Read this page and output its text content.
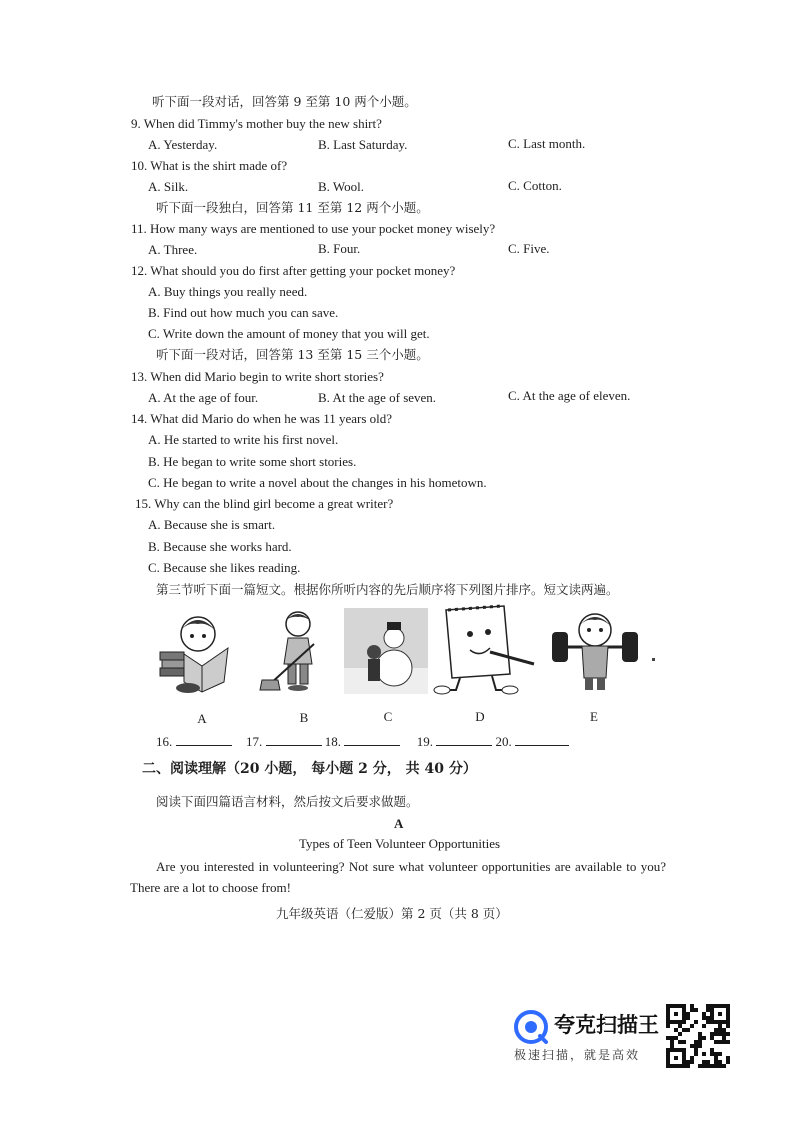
听下面一段对话，回答第 9 至第 10 两个小题。
9. When did Timmy's mother buy the new shirt?
A. Yesterday.	B. Last Saturday.	C. Last month.
10. What is the shirt made of?
A. Silk.	B. Wool.	C. Cotton.
听下面一段独白，回答第 11 至第 12 两个小题。
11. How many ways are mentioned to use your pocket money wisely?
A. Three.	B. Four.	C. Five.
12. What should you do first after getting your pocket money?
A. Buy things you really need.
B. Find out how much you can save.
C. Write down the amount of money that you will get.
听下面一段对话，回答第 13 至第 15 三个小题。
13. When did Mario begin to write short stories?
A. At the age of four.	B. At the age of seven.	C. At the age of eleven.
14. What did Mario do when he was 11 years old?
A. He started to write his first novel.
B. He began to write some short stories.
C. He began to write a novel about the changes in his hometown.
15. Why can the blind girl become a great writer?
A. Because she is smart.
B. Because she works hard.
C. Because she likes reading.
第三节听下面一篇短文。根据你所听内容的先后顺序将下列图片排序。短文读两遍。
A	B	C	D	E
16.	17.	18.	19.	20.
二、阅读理解（20 小题， 每小题 2 分， 共 40 分）
阅读下面四篇语言材料，然后按文后要求做题。
A
Types of Teen Volunteer Opportunities
Are you interested in volunteering? Not sure what volunteer opportunities are available to you? There are a lot to choose from!
九年级英语（仁爱版）第 2 页（共 8 页）
夸克扫描王
极速扫描，就是高效
